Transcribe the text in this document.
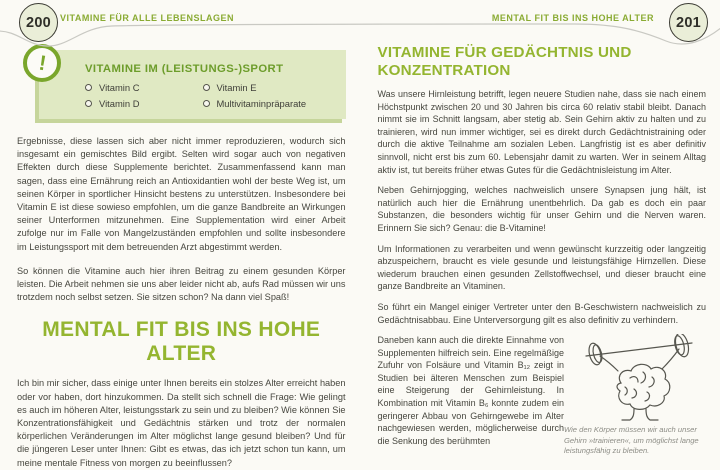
200 VITAMINE FÜR ALLE LEBENSLAGEN	MENTAL FIT BIS INS HOHE ALTER 201
!	VITAMINE IM (LEISTUNGS-)SPORT
Vitamin C	Vitamin E
Vitamin D	Multivitaminpräparate

Ergebnisse, diese lassen sich aber nicht immer reproduzieren, wodurch sich insgesamt ein gemischtes Bild ergibt. Selten wird sogar auch von negativen Effekten durch diese Supplemente berichtet. Zusammenfassend kann man sagen, dass eine Ernährung reich an Antioxidantien wohl der beste Weg ist, um seinen Körper in sportlicher Hinsicht bestens zu unterstützen. Insbesondere bei Vitamin E ist diese sowieso empfohlen, um die ganze Bandbreite an Wirkungen seiner Unterformen mitzunehmen. Eine Supplementation wird einer Arbeit zufolge nur im Falle von Mangelzuständen empfohlen und sollte insbesondere im Leistungssport mit dem betreuenden Arzt abgestimmt werden.

So können die Vitamine auch hier ihren Beitrag zu einem gesunden Körper leisten. Die Arbeit nehmen sie uns aber leider nicht ab, aufs Rad müssen wir uns trotzdem noch selbst setzen. Sie sitzen schon? Na dann viel Spaß!

MENTAL FIT BIS INS HOHE ALTER

Ich bin mir sicher, dass einige unter Ihnen bereits ein stolzes Alter erreicht haben oder vor haben, dort hinzukommen. Da stellt sich schnell die Frage: Wie gelingt es auch im höheren Alter, leistungsstark zu sein und zu bleiben? Wie können Sie Konzentrationsfähigkeit und Gedächtnis stärken und trotz der normalen körperlichen Veränderungen im Alter möglichst lange gesund bleiben? Und für die jüngeren Leser unter Ihnen: Gibt es etwas, das ich jetzt schon tun kann, um meine mentale Fitness von morgen zu beeinflussen?

VITAMINE FÜR GEDÄCHTNIS UND KONZENTRATION

Was unsere Hirnleistung betrifft, legen neuere Studien nahe, dass sie nach einem Höchstpunkt zwischen 20 und 30 Jahren bis circa 60 relativ stabil bleibt. Danach nimmt sie im Schnitt langsam, aber stetig ab. Sein Gehirn aktiv zu halten und zu trainieren, wird nun immer wichtiger, sei es direkt durch Gedächtnistraining oder durch die aktive Teilnahme am sozialen Leben. Langfristig ist es aber definitiv sinnvoll, nicht erst bis zum 60. Lebensjahr damit zu warten. Wer in seinem Alltag aktiv ist, tut bereits früher etwas Gutes für die Gedächtnisleistung im Alter.

Neben Gehirnjogging, welches nachweislich unsere Synapsen jung hält, ist natürlich auch hier die Ernährung unentbehrlich. Da gab es doch ein paar Substanzen, die besonders wichtig für unser Gehirn und die Nerven waren. Erinnern Sie sich? Genau: die B-Vitamine!

Um Informationen zu verarbeiten und wenn gewünscht kurzzeitig oder langzeitig abzuspeichern, braucht es viele gesunde und leistungsfähige Hirnzellen. Diese wiederum brauchen einen gesunden Zellstoffwechsel, und dieser braucht eine ganze Bandbreite an Vitaminen.

So führt ein Mangel einiger Vertreter unter den B-Geschwistern nachweislich zu Gedächtnisabbau. Eine Unterversorgung gilt es also definitiv zu verhindern.

Wie den Körper müssen wir auch unser Gehirn »trainieren«, um möglichst lange leistungsfähig zu bleiben.

Daneben kann auch die direkte Einnahme von Supplementen hilfreich sein. Eine regelmäßige Zufuhr von Folsäure und Vitamin B₁₂ zeigt in Studien bei älteren Menschen zum Beispiel eine Steigerung der Gehirnleistung. In Kombination mit Vitamin B₆ konnte zudem ein geringerer Abbau von Gehirngewebe im Alter nachgewiesen werden, möglicherweise durch die Senkung des berühmten
